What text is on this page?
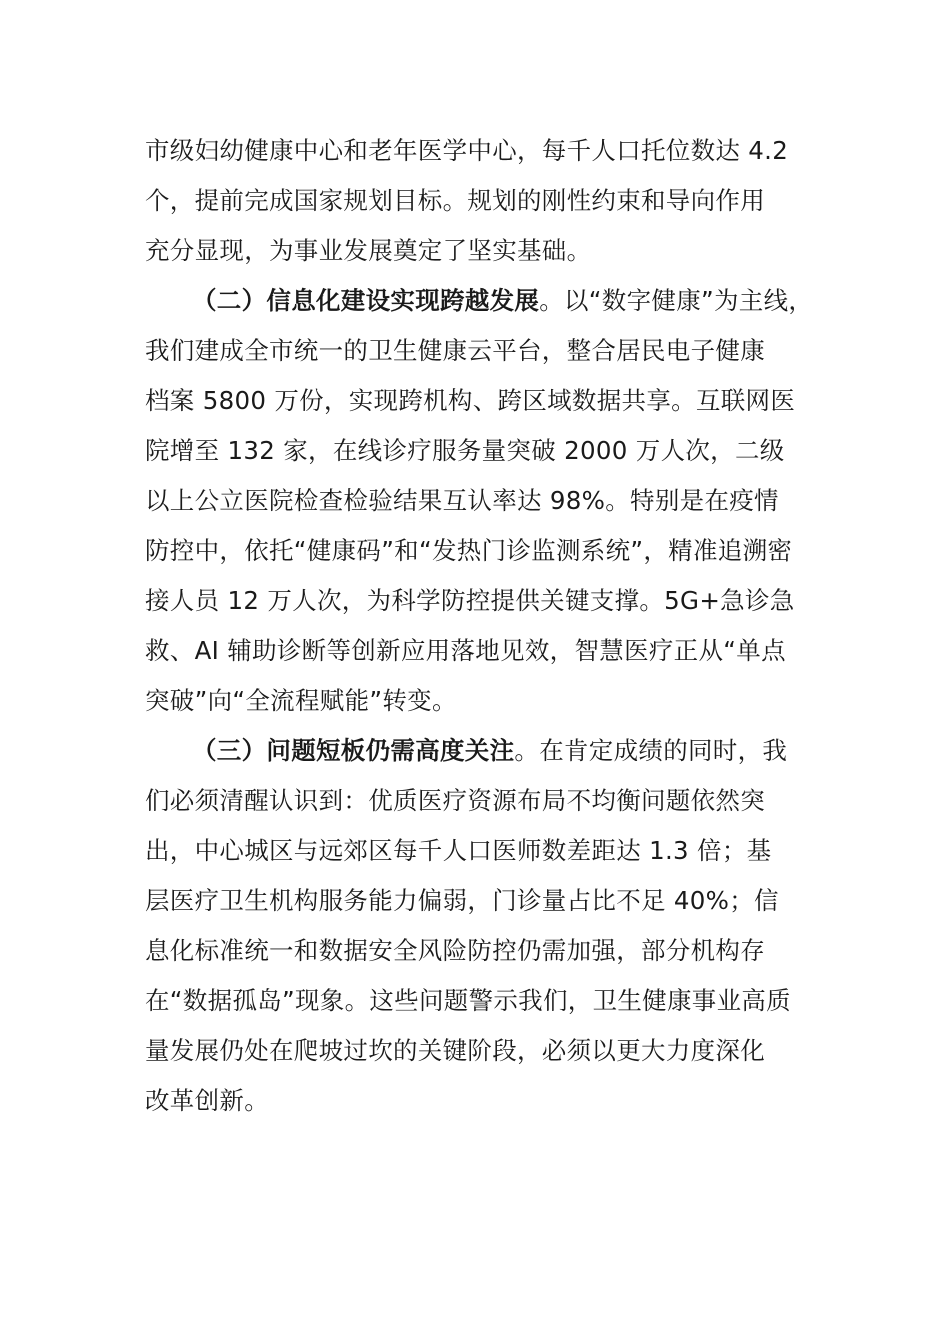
市级妇幼健康中心和老年医学中心，每千人口托位数达 4.2
个，提前完成国家规划目标。规划的刚性约束和导向作用
充分显现，为事业发展奠定了坚实基础。
（二）信息化建设实现跨越发展。以“数字健康”为主线，
我们建成全市统一的卫生健康云平台，整合居民电子健康
档案 5800 万份，实现跨机构、跨区域数据共享。互联网医
院增至 132 家，在线诊疗服务量突破 2000 万人次，二级
以上公立医院检查检验结果互认率达 98%。特别是在疫情
防控中，依托“健康码”和“发热门诊监测系统”，精准追溯密
接人员 12 万人次，为科学防控提供关键支撑。5G+急诊急
救、AI 辅助诊断等创新应用落地见效，智慧医疗正从“单点
突破”向“全流程赋能”转变。
（三）问题短板仍需高度关注。在肯定成绩的同时，我
们必须清醒认识到：优质医疗资源布局不均衡问题依然突
出，中心城区与远郊区每千人口医师数差距达 1.3 倍；基
层医疗卫生机构服务能力偏弱，门诊量占比不足 40%；信
息化标准统一和数据安全风险防控仍需加强，部分机构存
在“数据孤岛”现象。这些问题警示我们，卫生健康事业高质
量发展仍处在爬坡过坎的关键阶段，必须以更大力度深化
改革创新。
